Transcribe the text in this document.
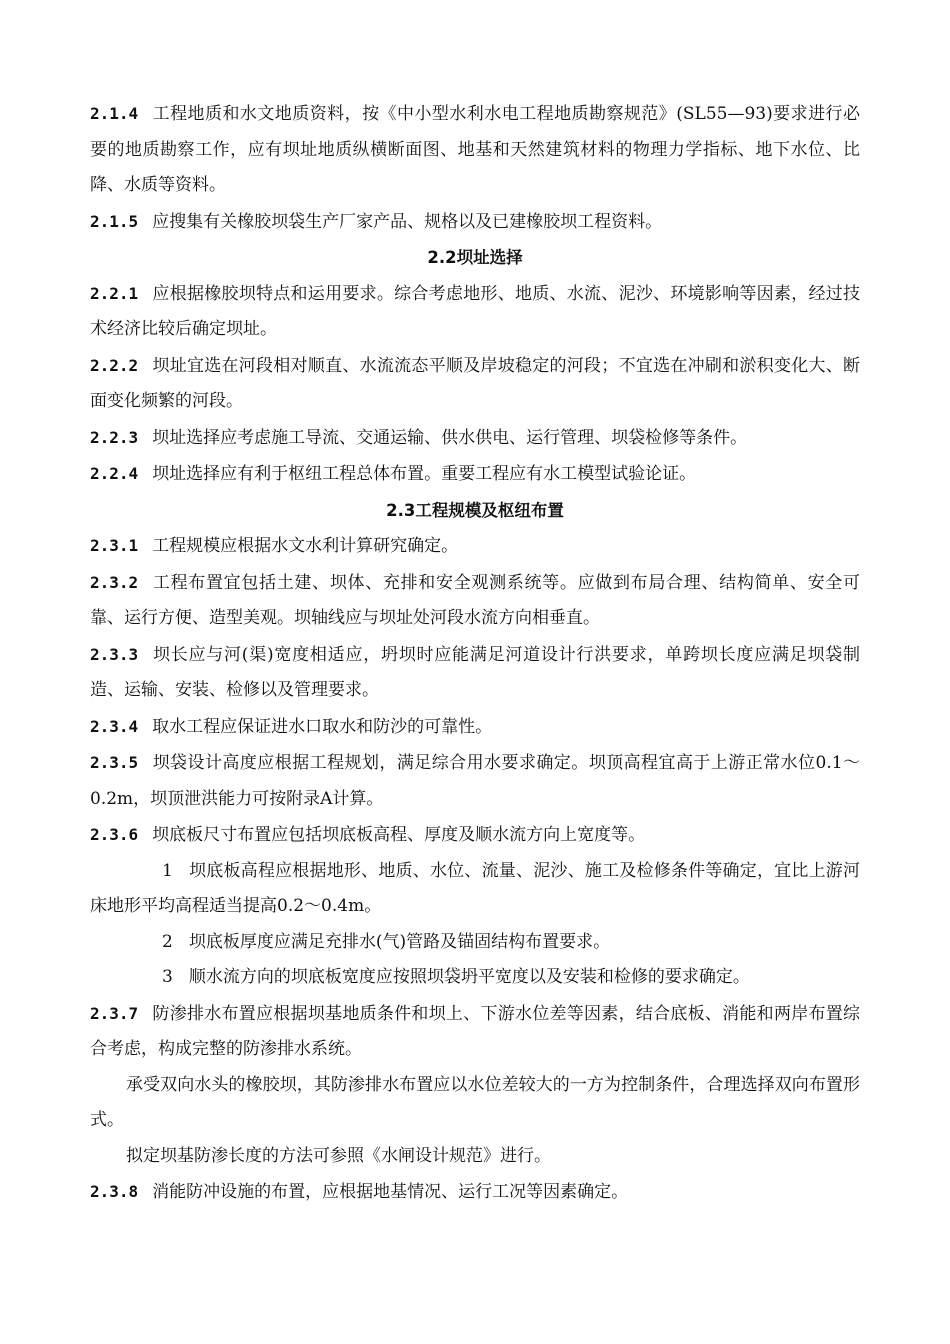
2.1.4 工程地质和水文地质资料，按《中小型水利水电工程地质勘察规范》(SL55—93)要求进行必要的地质勘察工作，应有坝址地质纵横断面图、地基和天然建筑材料的物理力学指标、地下水位、比降、水质等资料。

2.1.5 应搜集有关橡胶坝袋生产厂家产品、规格以及已建橡胶坝工程资料。

2.2坝址选择

2.2.1 应根据橡胶坝特点和运用要求。综合考虑地形、地质、水流、泥沙、环境影响等因素，经过技术经济比较后确定坝址。

2.2.2 坝址宜选在河段相对顺直、水流流态平顺及岸坡稳定的河段；不宜选在冲刷和淤积变化大、断面变化频繁的河段。

2.2.3 坝址选择应考虑施工导流、交通运输、供水供电、运行管理、坝袋检修等条件。

2.2.4 坝址选择应有利于枢纽工程总体布置。重要工程应有水工模型试验论证。

2.3工程规模及枢纽布置

2.3.1 工程规模应根据水文水利计算研究确定。

2.3.2 工程布置宜包括土建、坝体、充排和安全观测系统等。应做到布局合理、结构简单、安全可靠、运行方便、造型美观。坝轴线应与坝址处河段水流方向相垂直。

2.3.3 坝长应与河(渠)宽度相适应，坍坝时应能满足河道设计行洪要求，单跨坝长度应满足坝袋制造、运输、安装、检修以及管理要求。

2.3.4 取水工程应保证进水口取水和防沙的可靠性。

2.3.5 坝袋设计高度应根据工程规划，满足综合用水要求确定。坝顶高程宜高于上游正常水位0.1～0.2m，坝顶泄洪能力可按附录A计算。

2.3.6 坝底板尺寸布置应包括坝底板高程、厚度及顺水流方向上宽度等。

1 坝底板高程应根据地形、地质、水位、流量、泥沙、施工及检修条件等确定，宜比上游河床地形平均高程适当提高0.2～0.4m。

2 坝底板厚度应满足充排水(气)管路及锚固结构布置要求。

3 顺水流方向的坝底板宽度应按照坝袋坍平宽度以及安装和检修的要求确定。

2.3.7 防渗排水布置应根据坝基地质条件和坝上、下游水位差等因素，结合底板、消能和两岸布置综合考虑，构成完整的防渗排水系统。

承受双向水头的橡胶坝，其防渗排水布置应以水位差较大的一方为控制条件，合理选择双向布置形式。

拟定坝基防渗长度的方法可参照《水闸设计规范》进行。

2.3.8 消能防冲设施的布置，应根据地基情况、运行工况等因素确定。
